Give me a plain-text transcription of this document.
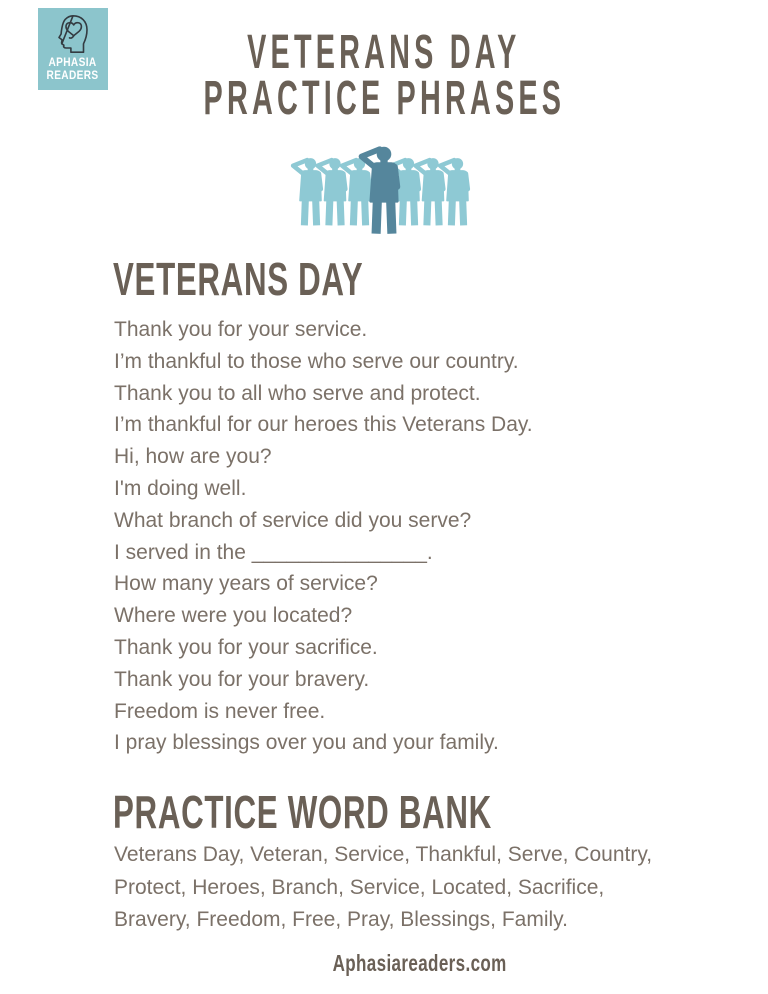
APHASIA
READERS	VETERANS DAY
PRACTICE PHRASES
VETERANS DAY
Thank you for your service.
I’m thankful to those who serve our country.
Thank you to all who serve and protect.
I’m thankful for our heroes this Veterans Day.
Hi, how are you?
I'm doing well.
What branch of service did you serve?
I served in the _______________.
How many years of service?
Where were you located?
Thank you for your sacrifice.
Thank you for your bravery.
Freedom is never free.
I pray blessings over you and your family.
PRACTICE WORD BANK
Veterans Day, Veteran, Service, Thankful, Serve, Country, Protect, Heroes, Branch, Service, Located, Sacrifice, Bravery, Freedom, Free, Pray, Blessings, Family.
Aphasiareaders.com
